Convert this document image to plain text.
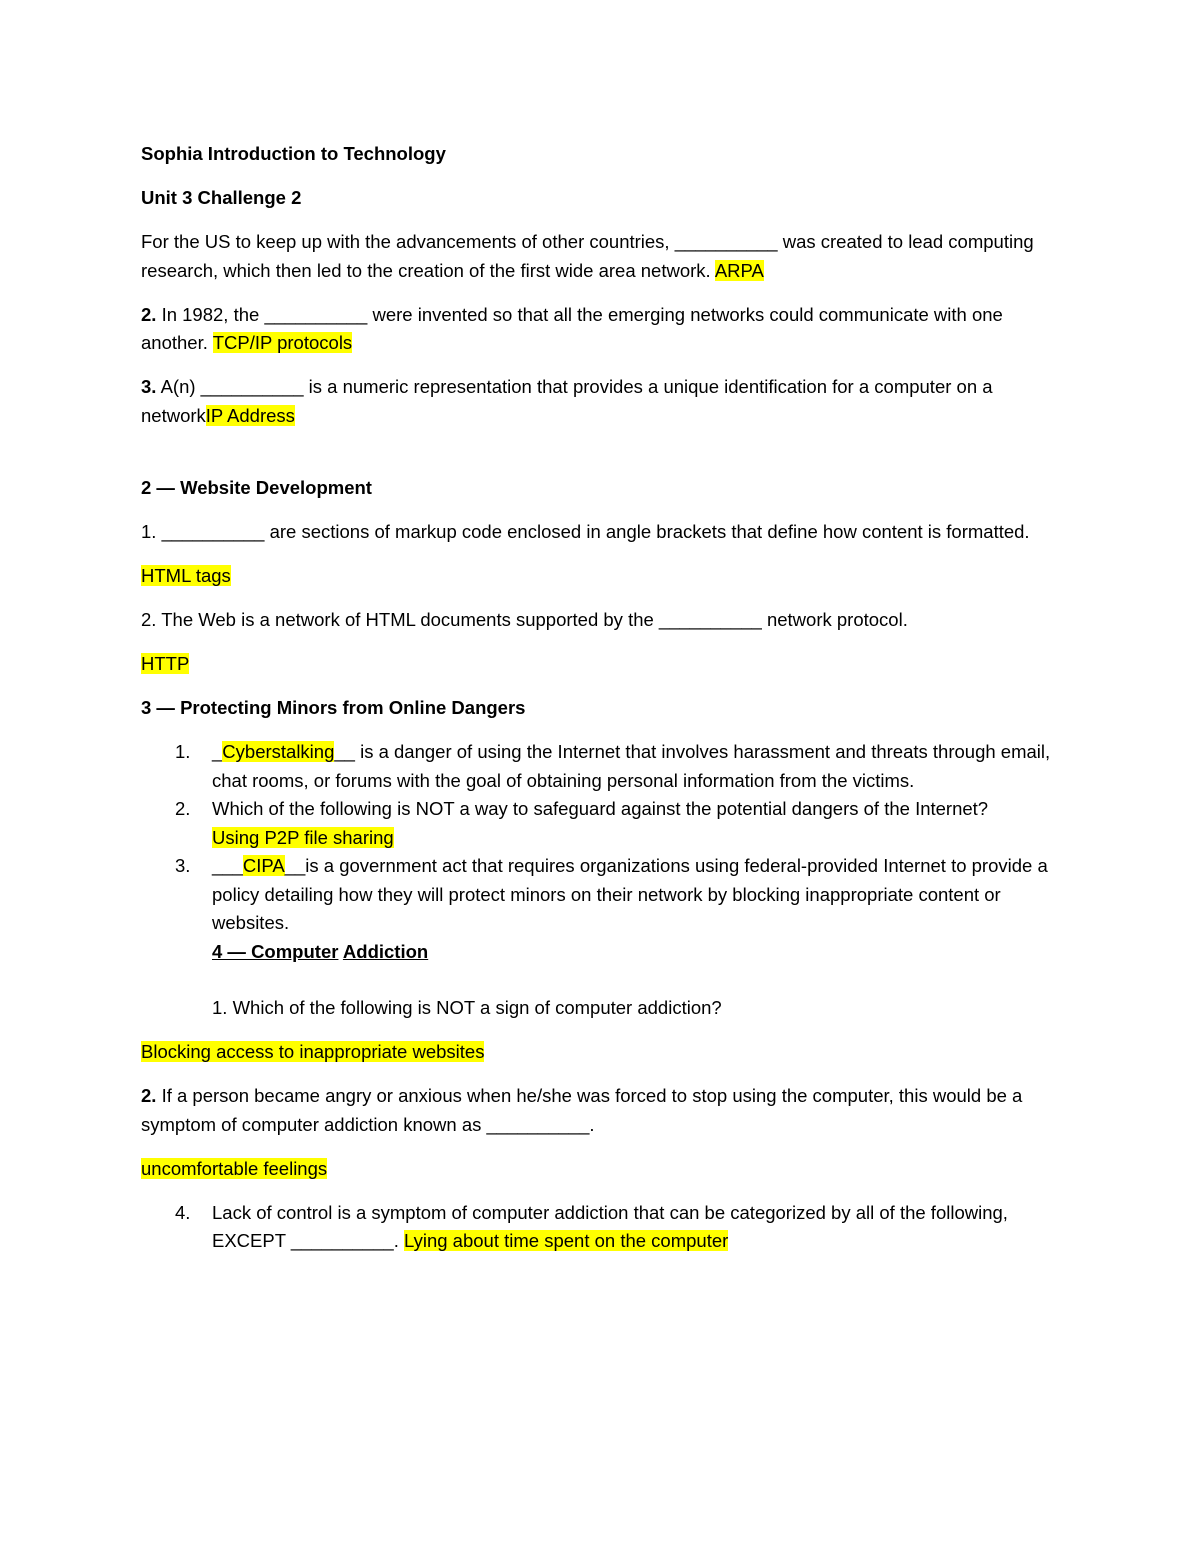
Sophia Introduction to Technology

Unit 3 Challenge 2

For the US to keep up with the advancements of other countries, __________ was created to lead computing research, which then led to the creation of the first wide area network. ARPA

2. In 1982, the __________ were invented so that all the emerging networks could communicate with one another. TCP/IP protocols

3. A(n) __________ is a numeric representation that provides a unique identification for a computer on a networkIP Address

2 — Website Development

1. __________ are sections of markup code enclosed in angle brackets that define how content is formatted.

HTML tags

2. The Web is a network of HTML documents supported by the __________ network protocol.

HTTP

3 — Protecting Minors from Online Dangers

1. _Cyberstalking__ is a danger of using the Internet that involves harassment and threats through email, chat rooms, or forums with the goal of obtaining personal information from the victims.
2. Which of the following is NOT a way to safeguard against the potential dangers of the Internet?
Using P2P file sharing
3. ___CIPA__is a government act that requires organizations using federal-provided Internet to provide a policy detailing how they will protect minors on their network by blocking inappropriate content or websites.

4 — Computer Addiction

1. Which of the following is NOT a sign of computer addiction?

Blocking access to inappropriate websites

2. If a person became angry or anxious when he/she was forced to stop using the computer, this would be a symptom of computer addiction known as __________.

uncomfortable feelings

4. Lack of control is a symptom of computer addiction that can be categorized by all of the following, EXCEPT __________. Lying about time spent on the computer
